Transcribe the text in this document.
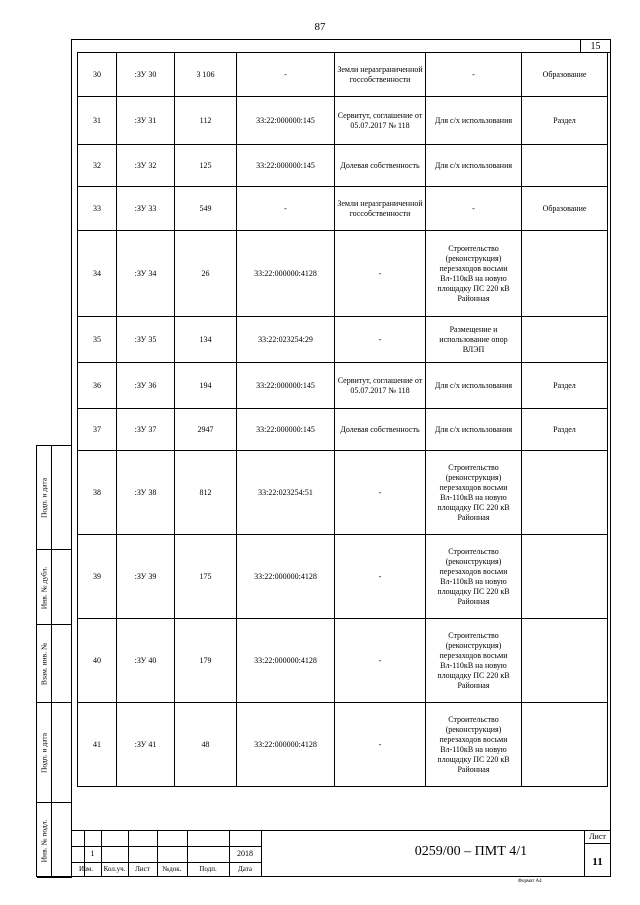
87
15
30	:ЗУ 30	3 106	-	Земли неразграниченной госсобственности	-	Образование
31	:ЗУ 31	112	33:22:000000:145	Сервитут, соглашение от 05.07.2017 № 118	Для с/х использования	Раздел
32	:ЗУ 32	125	33:22:000000:145	Долевая собственность	Для с/х использования	
33	:ЗУ 33	549	-	Земли неразграниченной госсобственности	-	Образование
34	:ЗУ 34	26	33:22:000000:4128	-	Строительство (реконструкция) перезаходов восьми Вл-110кВ на новую площадку ПС 220 кВ Районная	
35	:ЗУ 35	134	33:22:023254:29	-	Размещение и использование опор ВЛЭП	
36	:ЗУ 36	194	33:22:000000:145	Сервитут, соглашение от 05.07.2017 № 118	Для с/х использования	Раздел
37	:ЗУ 37	2947	33:22:000000:145	Долевая собственность	Для с/х использования	Раздел
38	:ЗУ 38	812	33:22:023254:51	-	Строительство (реконструкция) перезаходов восьми Вл-110кВ на новую площадку ПС 220 кВ Районная	
39	:ЗУ 39	175	33:22:000000:4128	-	Строительство (реконструкция) перезаходов восьми Вл-110кВ на новую площадку ПС 220 кВ Районная	
40	:ЗУ 40	179	33:22:000000:4128	-	Строительство (реконструкция) перезаходов восьми Вл-110кВ на новую площадку ПС 220 кВ Районная	
41	:ЗУ 41	48	33:22:000000:4128	-	Строительство (реконструкция) перезаходов восьми Вл-110кВ на новую площадку ПС 220 кВ Районная	
Подп. и дата
Инв. № дубл.
Взам. инв. №
Подп. и дата
Инв. № подл.	1	2018
Изм.	Кол.уч.	Лист	№док.	Подп.	Дата
0259/00 – ПМТ 4/1
Лист
11
Формат А4
